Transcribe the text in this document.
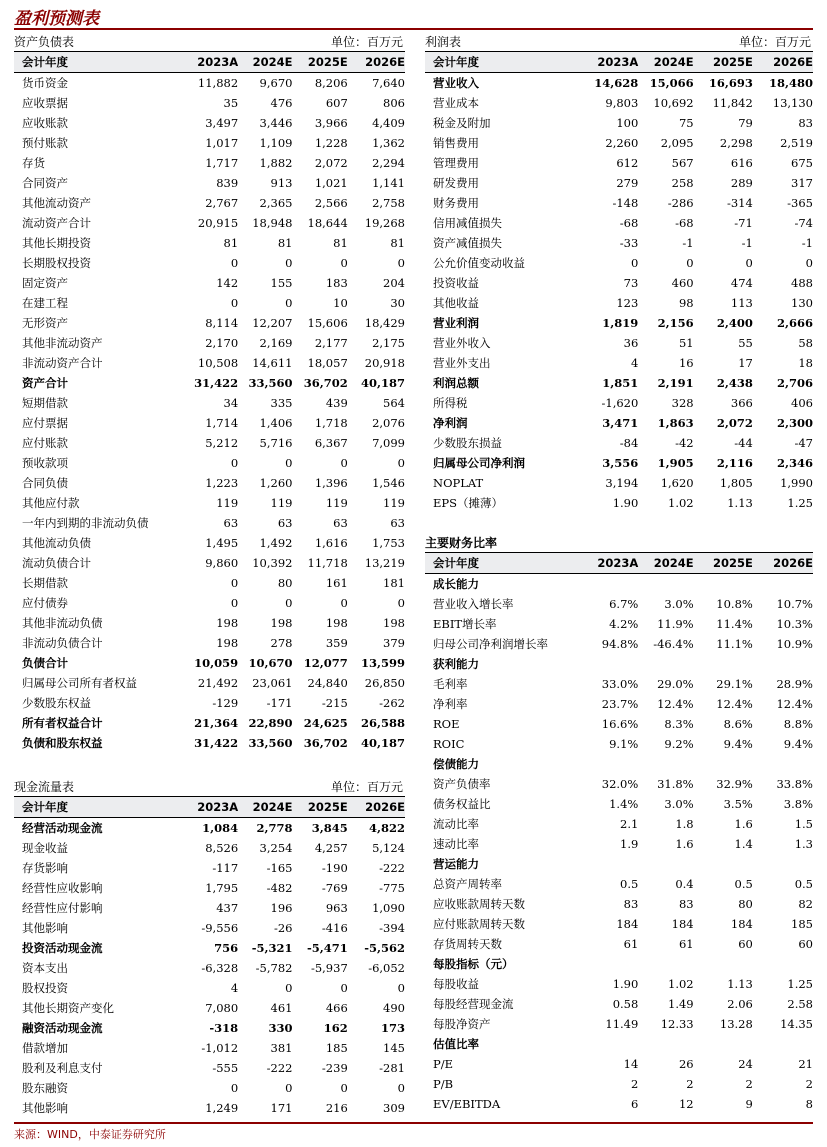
盈利预测表
资产负债表	单位：百万元
会计年度	2023A	2024E	2025E	2026E
货币资金	11,882	9,670	8,206	7,640
应收票据	35	476	607	806
应收账款	3,497	3,446	3,966	4,409
预付账款	1,017	1,109	1,228	1,362
存货	1,717	1,882	2,072	2,294
合同资产	839	913	1,021	1,141
其他流动资产	2,767	2,365	2,566	2,758
流动资产合计	20,915	18,948	18,644	19,268
其他长期投资	81	81	81	81
长期股权投资	0	0	0	0
固定资产	142	155	183	204
在建工程	0	0	10	30
无形资产	8,114	12,207	15,606	18,429
其他非流动资产	2,170	2,169	2,177	2,175
非流动资产合计	10,508	14,611	18,057	20,918
资产合计	31,422 33,560 36,702	40,187
短期借款	34	335	439	564
应付票据	1,714	1,406	1,718	2,076
应付账款	5,212	5,716	6,367	7,099
预收款项	0	0	0	0
合同负债	1,223	1,260	1,396	1,546
其他应付款	119	119	119	119
一年内到期的非流动负债	63	63	63	63
其他流动负债	1,495	1,492	1,616	1,753
流动负债合计	9,860	10,392	11,718	13,219
长期借款	0	80	161	181
应付债券	0	0	0	0
其他非流动负债	198	198	198	198
非流动负债合计	198	278	359	379
负债合计	10,059 10,670 12,077	13,599
归属母公司所有者权益	21,492	23,061	24,840	26,850
少数股东权益	-129	-171	-215	-262
所有者权益合计	21,364 22,890 24,625	26,588
负债和股东权益	31,422 33,560 36,702	40,187
利润表	单位：百万元
会计年度	2023A	2024E	2025E	2026E
营业收入	14,628 15,066	16,693	18,480
营业成本	9,803	10,692	11,842	13,130
税金及附加	100	75	79	83
销售费用	2,260	2,095	2,298	2,519
管理费用	612	567	616	675
研发费用	279	258	289	317
财务费用	-148	-286	-314	-365
信用减值损失	-68	-68	-71	-74
资产减值损失	-33	-1	-1	-1
公允价值变动收益	0	0	0	0
投资收益	73	460	474	488
其他收益	123	98	113	130
营业利润	1,819	2,156	2,400	2,666
营业外收入	36	51	55	58
营业外支出	4	16	17	18
利润总额	1,851	2,191	2,438	2,706
所得税	-1,620	328	366	406
净利润	3,471	1,863	2,072	2,300
少数股东损益	-84	-42	-44	-47
归属母公司净利润	3,556	1,905	2,116	2,346
NOPLAT	3,194	1,620	1,805	1,990
EPS（摊薄）	1.90	1.02	1.13	1.25
主要财务比率
会计年度	2023A	2024E	2025E	2026E
成长能力
营业收入增长率	6.7%	3.0%	10.8%	10.7%
EBIT增长率	4.2%	11.9%	11.4%	10.3%
归母公司净利润增长率	94.8%	-46.4%	11.1%	10.9%
获利能力
毛利率	33.0%	29.0%	29.1%	28.9%
净利率	23.7%	12.4%	12.4%	12.4%
ROE	16.6%	8.3%	8.6%	8.8%
ROIC	9.1%	9.2%	9.4%	9.4%
偿债能力
资产负债率	32.0%	31.8%	32.9%	33.8%
债务权益比	1.4%	3.0%	3.5%	3.8%
流动比率	2.1	1.8	1.6	1.5
速动比率	1.9	1.6	1.4	1.3
营运能力
总资产周转率	0.5	0.4	0.5	0.5
应收账款周转天数	83	83	80	82
应付账款周转天数	184	184	184	185
存货周转天数	61	61	60	60
每股指标（元）
每股收益	1.90	1.02	1.13	1.25
每股经营现金流	0.58	1.49	2.06	2.58
每股净资产	11.49	12.33	13.28	14.35
估值比率
P/E	14	26	24	21
P/B	2	2	2	2
EV/EBITDA	6	12	9	8
现金流量表	单位：百万元
会计年度	2023A	2024E	2025E	2026E
经营活动现金流	1,084	2,778	3,845	4,822
现金收益	8,526	3,254	4,257	5,124
存货影响	-117	-165	-190	-222
经营性应收影响	1,795	-482	-769	-775
经营性应付影响	437	196	963	1,090
其他影响	-9,556	-26	-416	-394
投资活动现金流	756	-5,321	-5,471	-5,562
资本支出	-6,328	-5,782	-5,937	-6,052
股权投资	4	0	0	0
其他长期资产变化	7,080	461	466	490
融资活动现金流	-318	330	162	173
借款增加	-1,012	381	185	145
股利及利息支付	-555	-222	-239	-281
股东融资	0	0	0	0
其他影响	1,249	171	216	309
来源：WIND，中泰证券研究所
